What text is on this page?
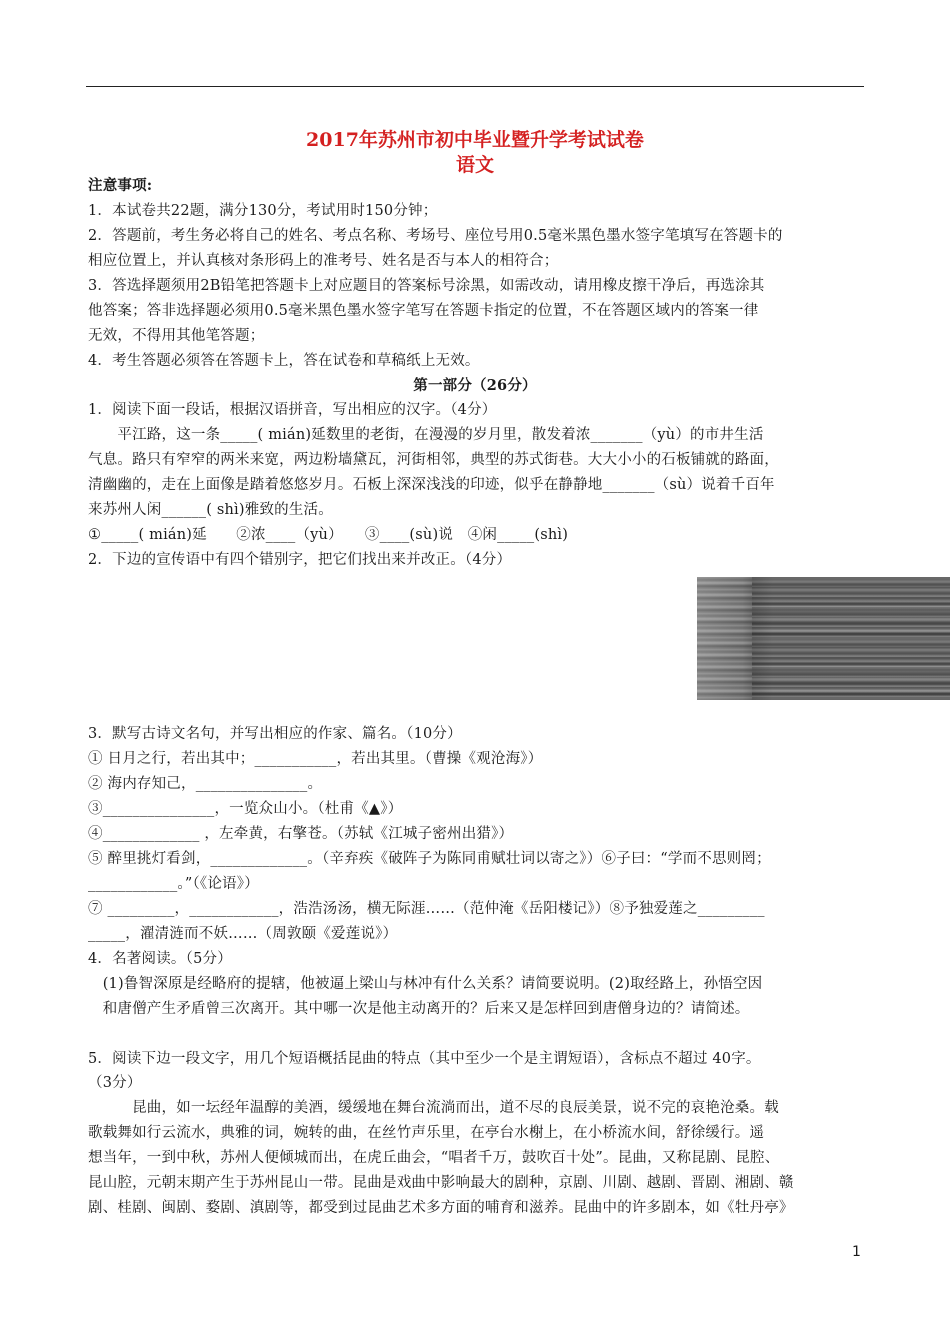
2017年苏州市初中毕业暨升学考试试卷
语文
注意事项:
1．本试卷共22题，满分130分，考试用时150分钟；
2．答题前，考生务必将自己的姓名、考点名称、考场号、座位号用0.5毫米黑色墨水签字笔填写在答题卡的
相应位置上，并认真核对条形码上的准考号、姓名是否与本人的相符合；
3．答选择题须用2B铅笔把答题卡上对应题目的答案标号涂黑，如需改动，请用橡皮擦干净后，再选涂其
他答案；答非选择题必须用0.5毫米黑色墨水签字笔写在答题卡指定的位置，不在答题区域内的答案一律
无效，不得用其他笔答题；
4．考生答题必须答在答题卡上，答在试卷和草稿纸上无效。
第一部分（26分）
1．阅读下面一段话，根据汉语拼音，写出相应的汉字。（4分）
　　平江路，这一条_____( mián)延数里的老街，在漫漫的岁月里，散发着浓_______（yù）的市井生活
气息。路只有窄窄的两米来宽，两边粉墙黛瓦，河街相邻，典型的苏式街巷。大大小小的石板铺就的路面，
清幽幽的，走在上面像是踏着悠悠岁月。石板上深深浅浅的印迹，似乎在静静地_______（sù）说着千百年
来苏州人闲______( shì)雅致的生活。
①_____( mián)延　　②浓____（yù）　　③____(sù)说　④闲_____(shì)
2．下边的宣传语中有四个错别字，把它们找出来并改正。（4分）
3．默写古诗文名句，并写出相应的作家、篇名。（10分）
① 日月之行，若出其中；___________，若出其里。（曹操《观沧海》）
② 海内存知己，_______________。
③_______________，一览众山小。（杜甫《▲》）
④_____________ ，左牵黄，右擎苍。（苏轼《江城子密州出猎》）
⑤ 醉里挑灯看剑，_____________。（辛弃疾《破阵子为陈同甫赋壮词以寄之》）⑥子曰：“学而不思则罔；
____________。”（《论语》）
⑦ _________，____________，浩浩汤汤，横无际涯……（范仲淹《岳阳楼记》）⑧予独爱莲之_________
_____，濯清涟而不妖……（周敦颐《爱莲说》）
4．名著阅读。（5分）
　(1)鲁智深原是经略府的提辖，他被逼上梁山与林冲有什么关系？请简要说明。(2)取经路上，孙悟空因
　和唐僧产生矛盾曾三次离开。其中哪一次是他主动离开的？后来又是怎样回到唐僧身边的？请简述。
5．阅读下边一段文字，用几个短语概括昆曲的特点（其中至少一个是主谓短语），含标点不超过 40字。
（3分）
　　　昆曲，如一坛经年温醇的美酒，缓缓地在舞台流淌而出，道不尽的良辰美景，说不完的哀艳沧桑。载
歌载舞如行云流水，典雅的词，婉转的曲，在丝竹声乐里，在亭台水榭上，在小桥流水间，舒徐缓行。遥
想当年，一到中秋，苏州人便倾城而出，在虎丘曲会，“唱者千万，鼓吹百十处”。昆曲，又称昆剧、昆腔、
昆山腔，元朝末期产生于苏州昆山一带。昆曲是戏曲中影响最大的剧种，京剧、川剧、越剧、晋剧、湘剧、赣
剧、桂剧、闽剧、婺剧、滇剧等，都受到过昆曲艺术多方面的哺育和滋养。昆曲中的许多剧本，如《牡丹亭》
1
